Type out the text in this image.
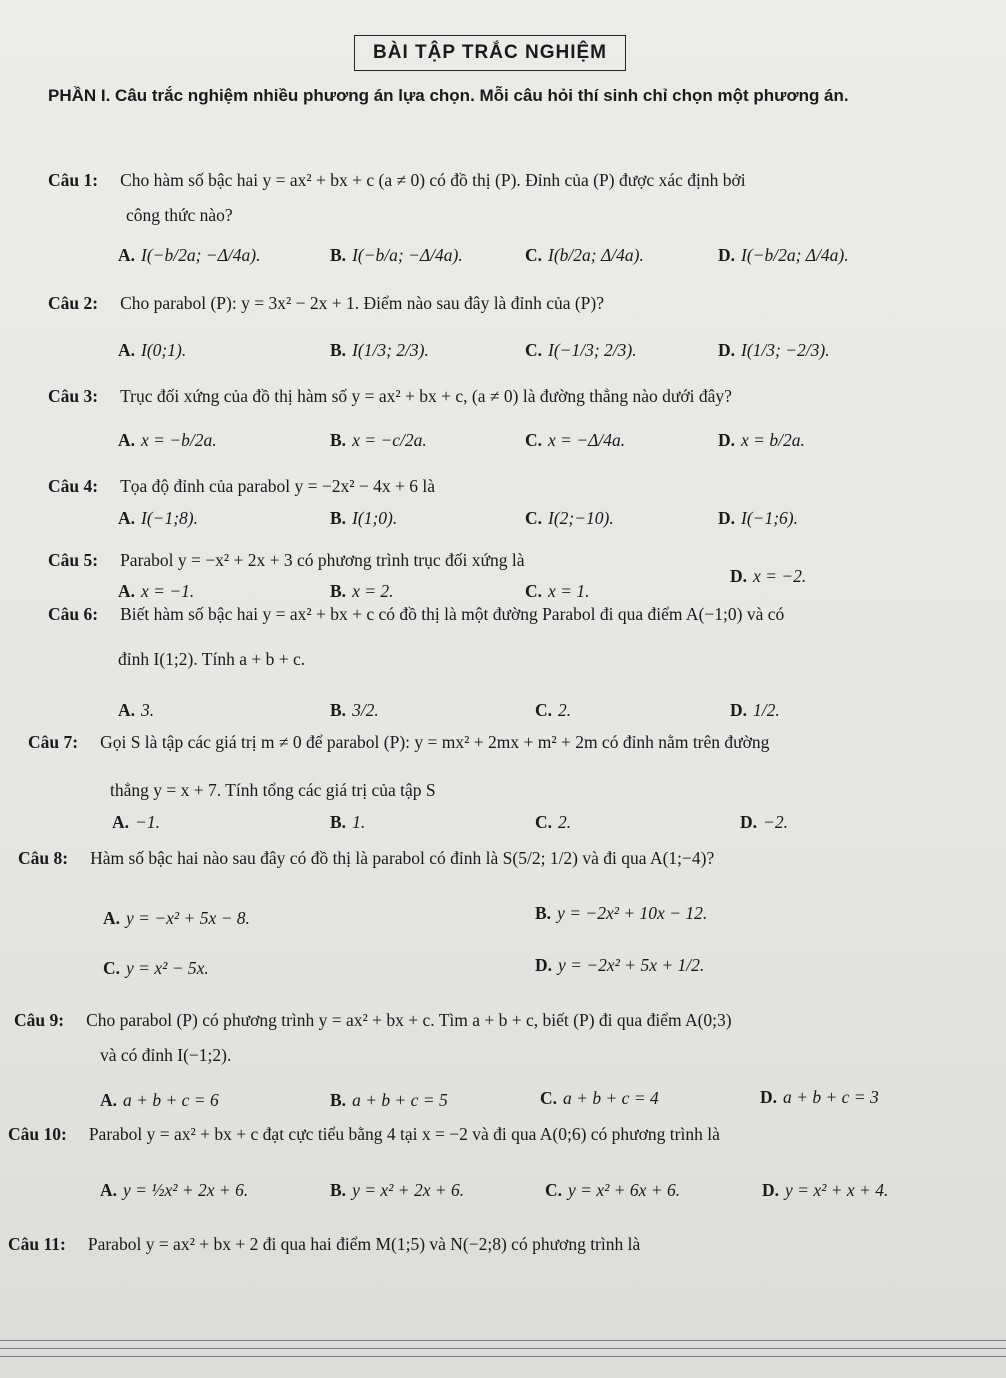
BÀI TẬP TRẮC NGHIỆM
PHẦN I. Câu trắc nghiệm nhiều phương án lựa chọn. Mỗi câu hỏi thí sinh chỉ chọn một phương án.
Câu 1: Cho hàm số bậc hai y = ax² + bx + c (a ≠ 0) có đồ thị (P). Đỉnh của (P) được xác định bởi
công thức nào?
A. I(−b/2a; −Δ/4a).	B. I(−b/a; −Δ/4a).	C. I(b/2a; Δ/4a).	D. I(−b/2a; Δ/4a).
Câu 2: Cho parabol (P): y = 3x² − 2x + 1. Điểm nào sau đây là đỉnh của (P)?
A. I(0;1).	B. I(1/3; 2/3).	C. I(−1/3; 2/3).	D. I(1/3; −2/3).
Câu 3: Trục đối xứng của đồ thị hàm số y = ax² + bx + c, (a ≠ 0) là đường thẳng nào dưới đây?
A. x = −b/2a.	B. x = −c/2a.	C. x = −Δ/4a.	D. x = b/2a.
Câu 4: Tọa độ đỉnh của parabol y = −2x² − 4x + 6 là
A. I(−1;8).	B. I(1;0).	C. I(2;−10).	D. I(−1;6).
Câu 5: Parabol y = −x² + 2x + 3 có phương trình trục đối xứng là
A. x = −1.	B. x = 2.	C. x = 1.
D. x = −2.
Câu 6: Biết hàm số bậc hai y = ax² + bx + c có đồ thị là một đường Parabol đi qua điểm A(−1;0) và có
đỉnh I(1;2). Tính a + b + c.
A. 3.	B. 3/2.	C. 2.	D. 1/2.
Câu 7: Gọi S là tập các giá trị m ≠ 0 để parabol (P): y = mx² + 2mx + m² + 2m có đỉnh nằm trên đường
thẳng y = x + 7. Tính tổng các giá trị của tập S
A. −1.	B. 1.	C. 2.	D. −2.
Câu 8: Hàm số bậc hai nào sau đây có đồ thị là parabol có đỉnh là S(5/2; 1/2) và đi qua A(1;−4)?
A. y = −x² + 5x − 8.	B. y = −2x² + 10x − 12.
C. y = x² − 5x.	D. y = −2x² + 5x + 1/2.
Câu 9: Cho parabol (P) có phương trình y = ax² + bx + c. Tìm a + b + c, biết (P) đi qua điểm A(0;3)
và có đỉnh I(−1;2).
A. a + b + c = 6	B. a + b + c = 5	C. a + b + c = 4	D. a + b + c = 3
Câu 10: Parabol y = ax² + bx + c đạt cực tiểu bằng 4 tại x = −2 và đi qua A(0;6) có phương trình là
A. y = ½x² + 2x + 6.	B. y = x² + 2x + 6.	C. y = x² + 6x + 6.	D. y = x² + x + 4.
Câu 11: Parabol y = ax² + bx + 2 đi qua hai điểm M(1;5) và N(−2;8) có phương trình là
